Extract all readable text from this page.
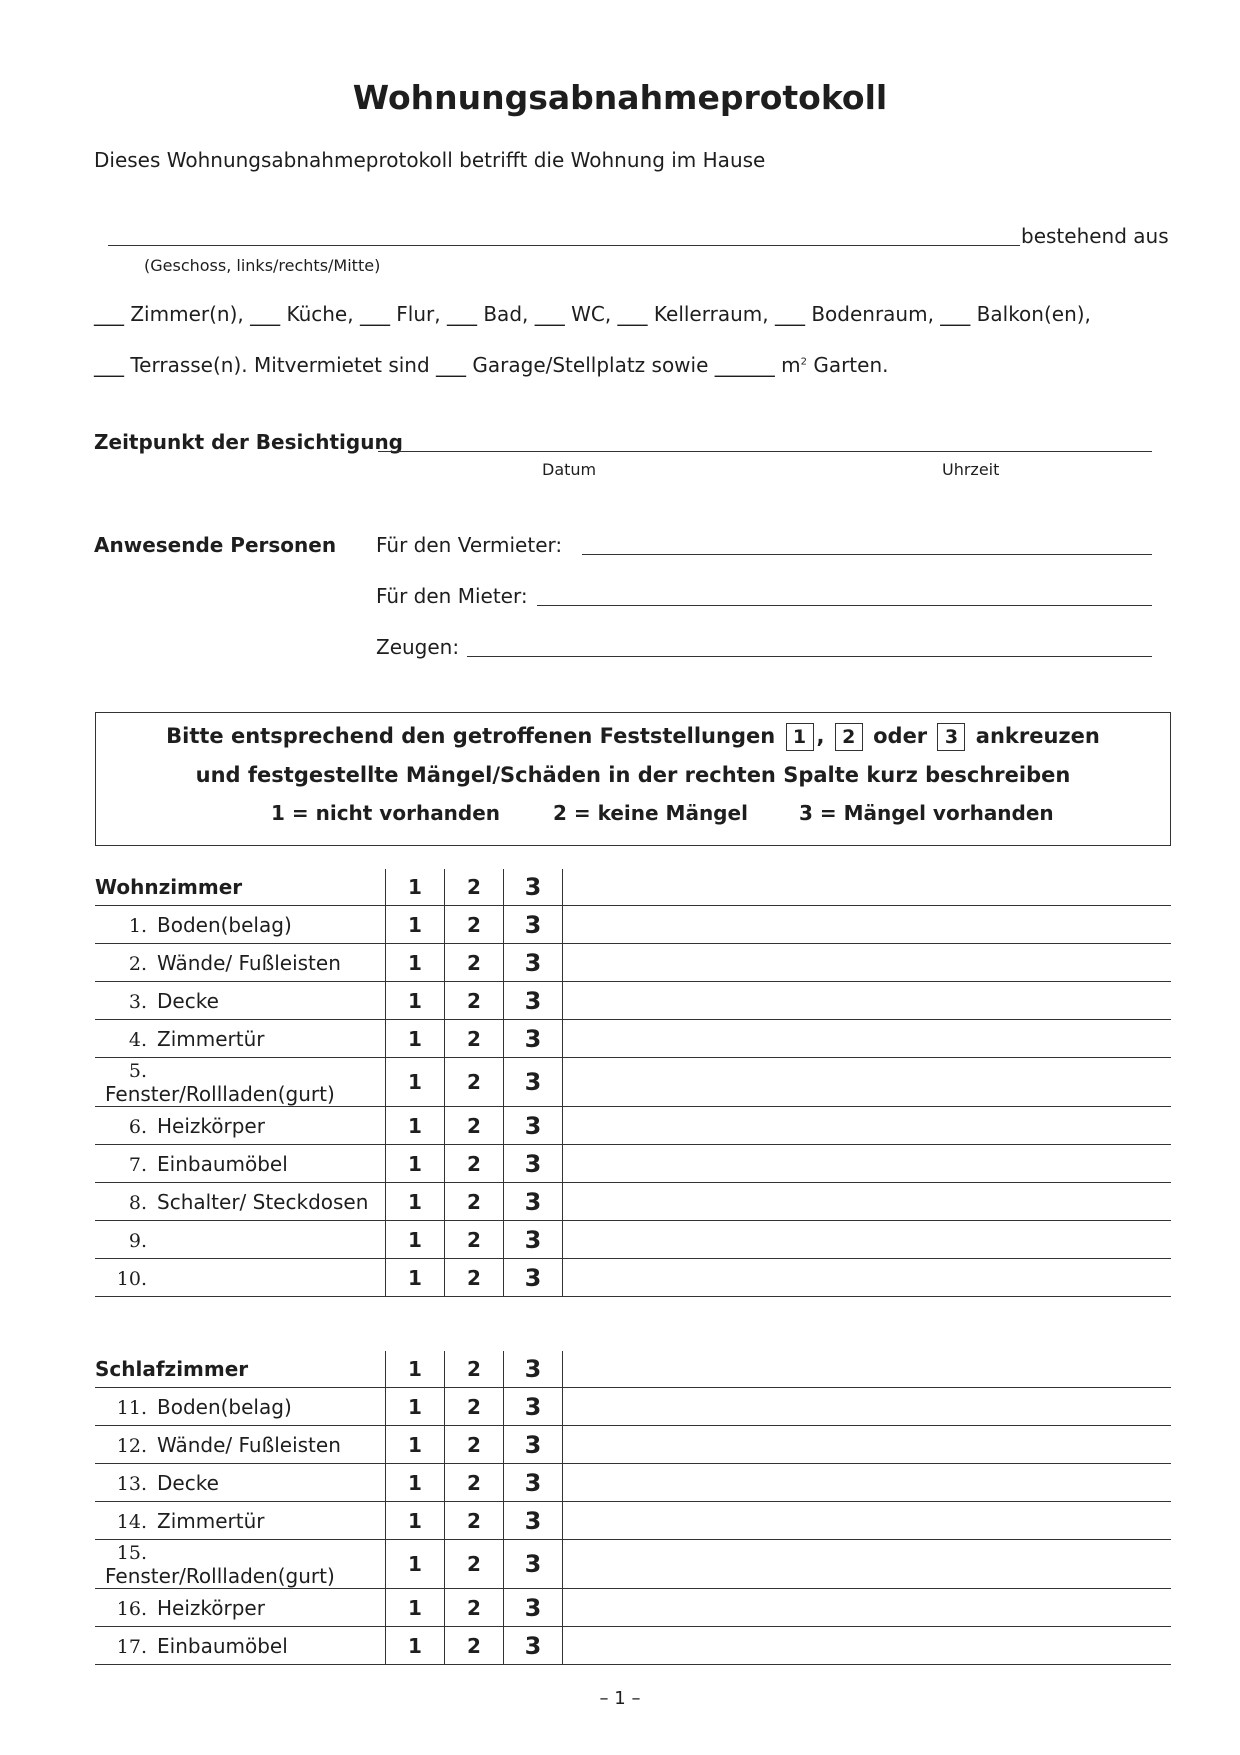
Wohnungsabnahmeprotokoll
Dieses Wohnungsabnahmeprotokoll betrifft die Wohnung im Hause
bestehend aus
(Geschoss, links/rechts/Mitte)
___ Zimmer(n), ___ Küche, ___ Flur, ___ Bad, ___ WC, ___ Kellerraum, ___ Bodenraum, ___ Balkon(en),
___ Terrasse(n). Mitvermietet sind ___ Garage/Stellplatz sowie ______ $m^2$ Garten.
Zeitpunkt der Besichtigung
Datum	Uhrzeit
Anwesende Personen Für den Vermieter:
Für den Mieter:
Zeugen:
Bitte entsprechend den getroffenen Feststellungen 1 , 2 oder 3 ankreuzen
und festgestellte Mängel/Schäden in der rechten Spalte kurz beschreiben
1 = nicht vorhanden	2 = keine Mängel	3 = Mängel vorhanden
Wohnzimmer	1	2	3	
1. Boden(belag)	1	2	3	
2. Wände/ Fußleisten	1	2	3	
3. Decke	1	2	3	
4. Zimmertür	1	2	3	
5.Fenster/Rollladen(gurt)	1	2	3	
6. Heizkörper	1	2	3	
7. Einbaumöbel	1	2	3	
8. Schalter/ Steckdosen	1	2	3	
9.	1	2	3	
10.	1	2	3	
Schlafzimmer	1	2	3	
11. Boden(belag)	1	2	3	
12. Wände/ Fußleisten	1	2	3	
13. Decke	1	2	3	
14. Zimmertür	1	2	3	
15.Fenster/Rollladen(gurt)	1	2	3	
16. Heizkörper	1	2	3	
17. Einbaumöbel	1	2	3	
– 1 –
